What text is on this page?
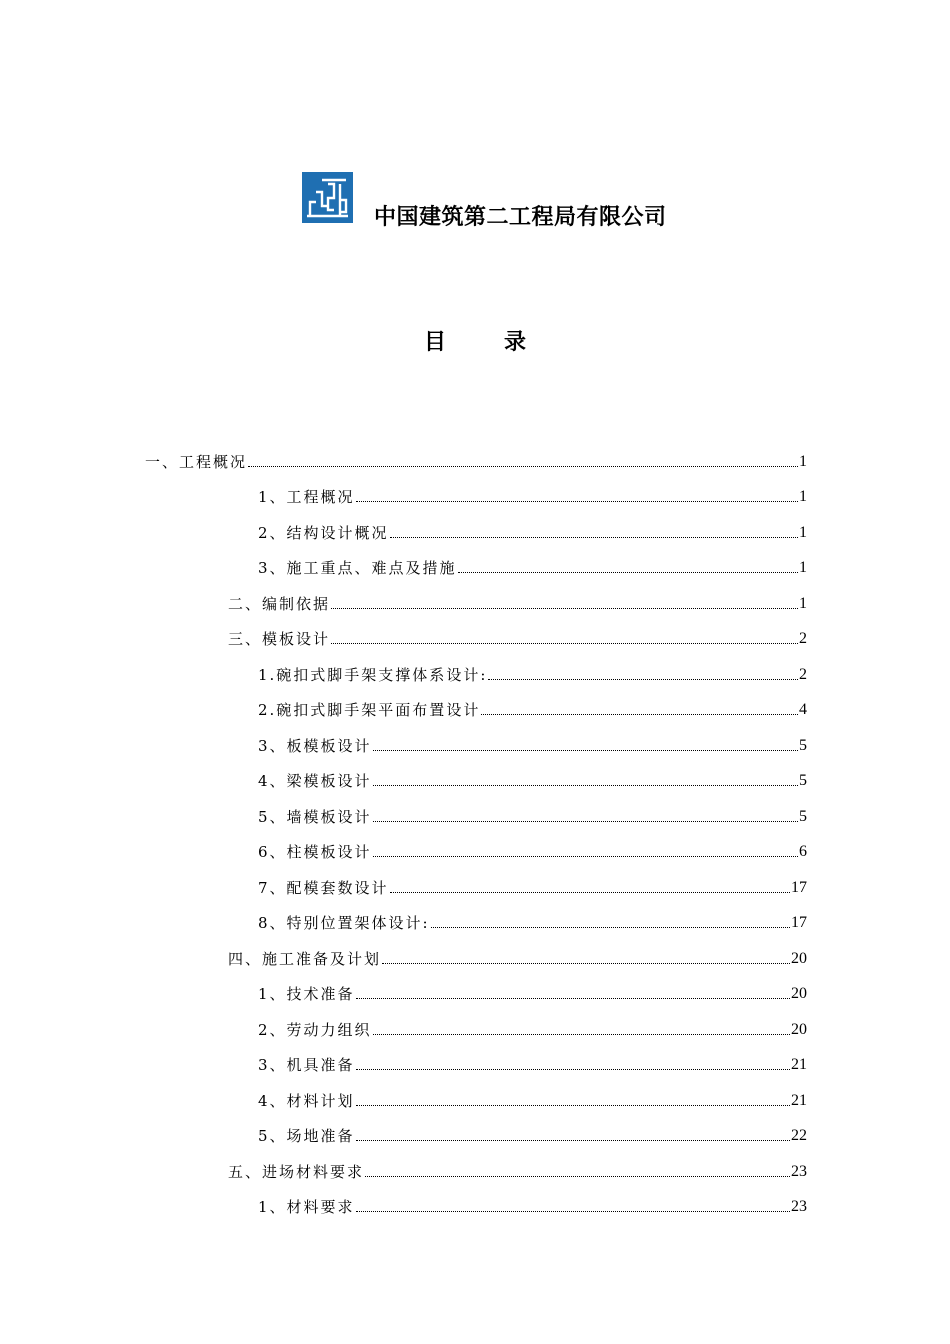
中国建筑第二工程局有限公司
目	录
一、工程概况	1
1、工程概况	1
2、结构设计概况	1
3、施工重点、难点及措施	1
二、编制依据	1
三、模板设计	2
1.碗扣式脚手架支撑体系设计:	2
2.碗扣式脚手架平面布置设计	4
3、板模板设计	5
4、梁模板设计	5
5、墙模板设计	5
6、柱模板设计	6
7、配模套数设计	17
8、特别位置架体设计:	17
四、施工准备及计划	20
1、技术准备	20
2、劳动力组织	20
3、机具准备	21
4、材料计划	21
5、场地准备	22
五、进场材料要求	23
1、材料要求	23
